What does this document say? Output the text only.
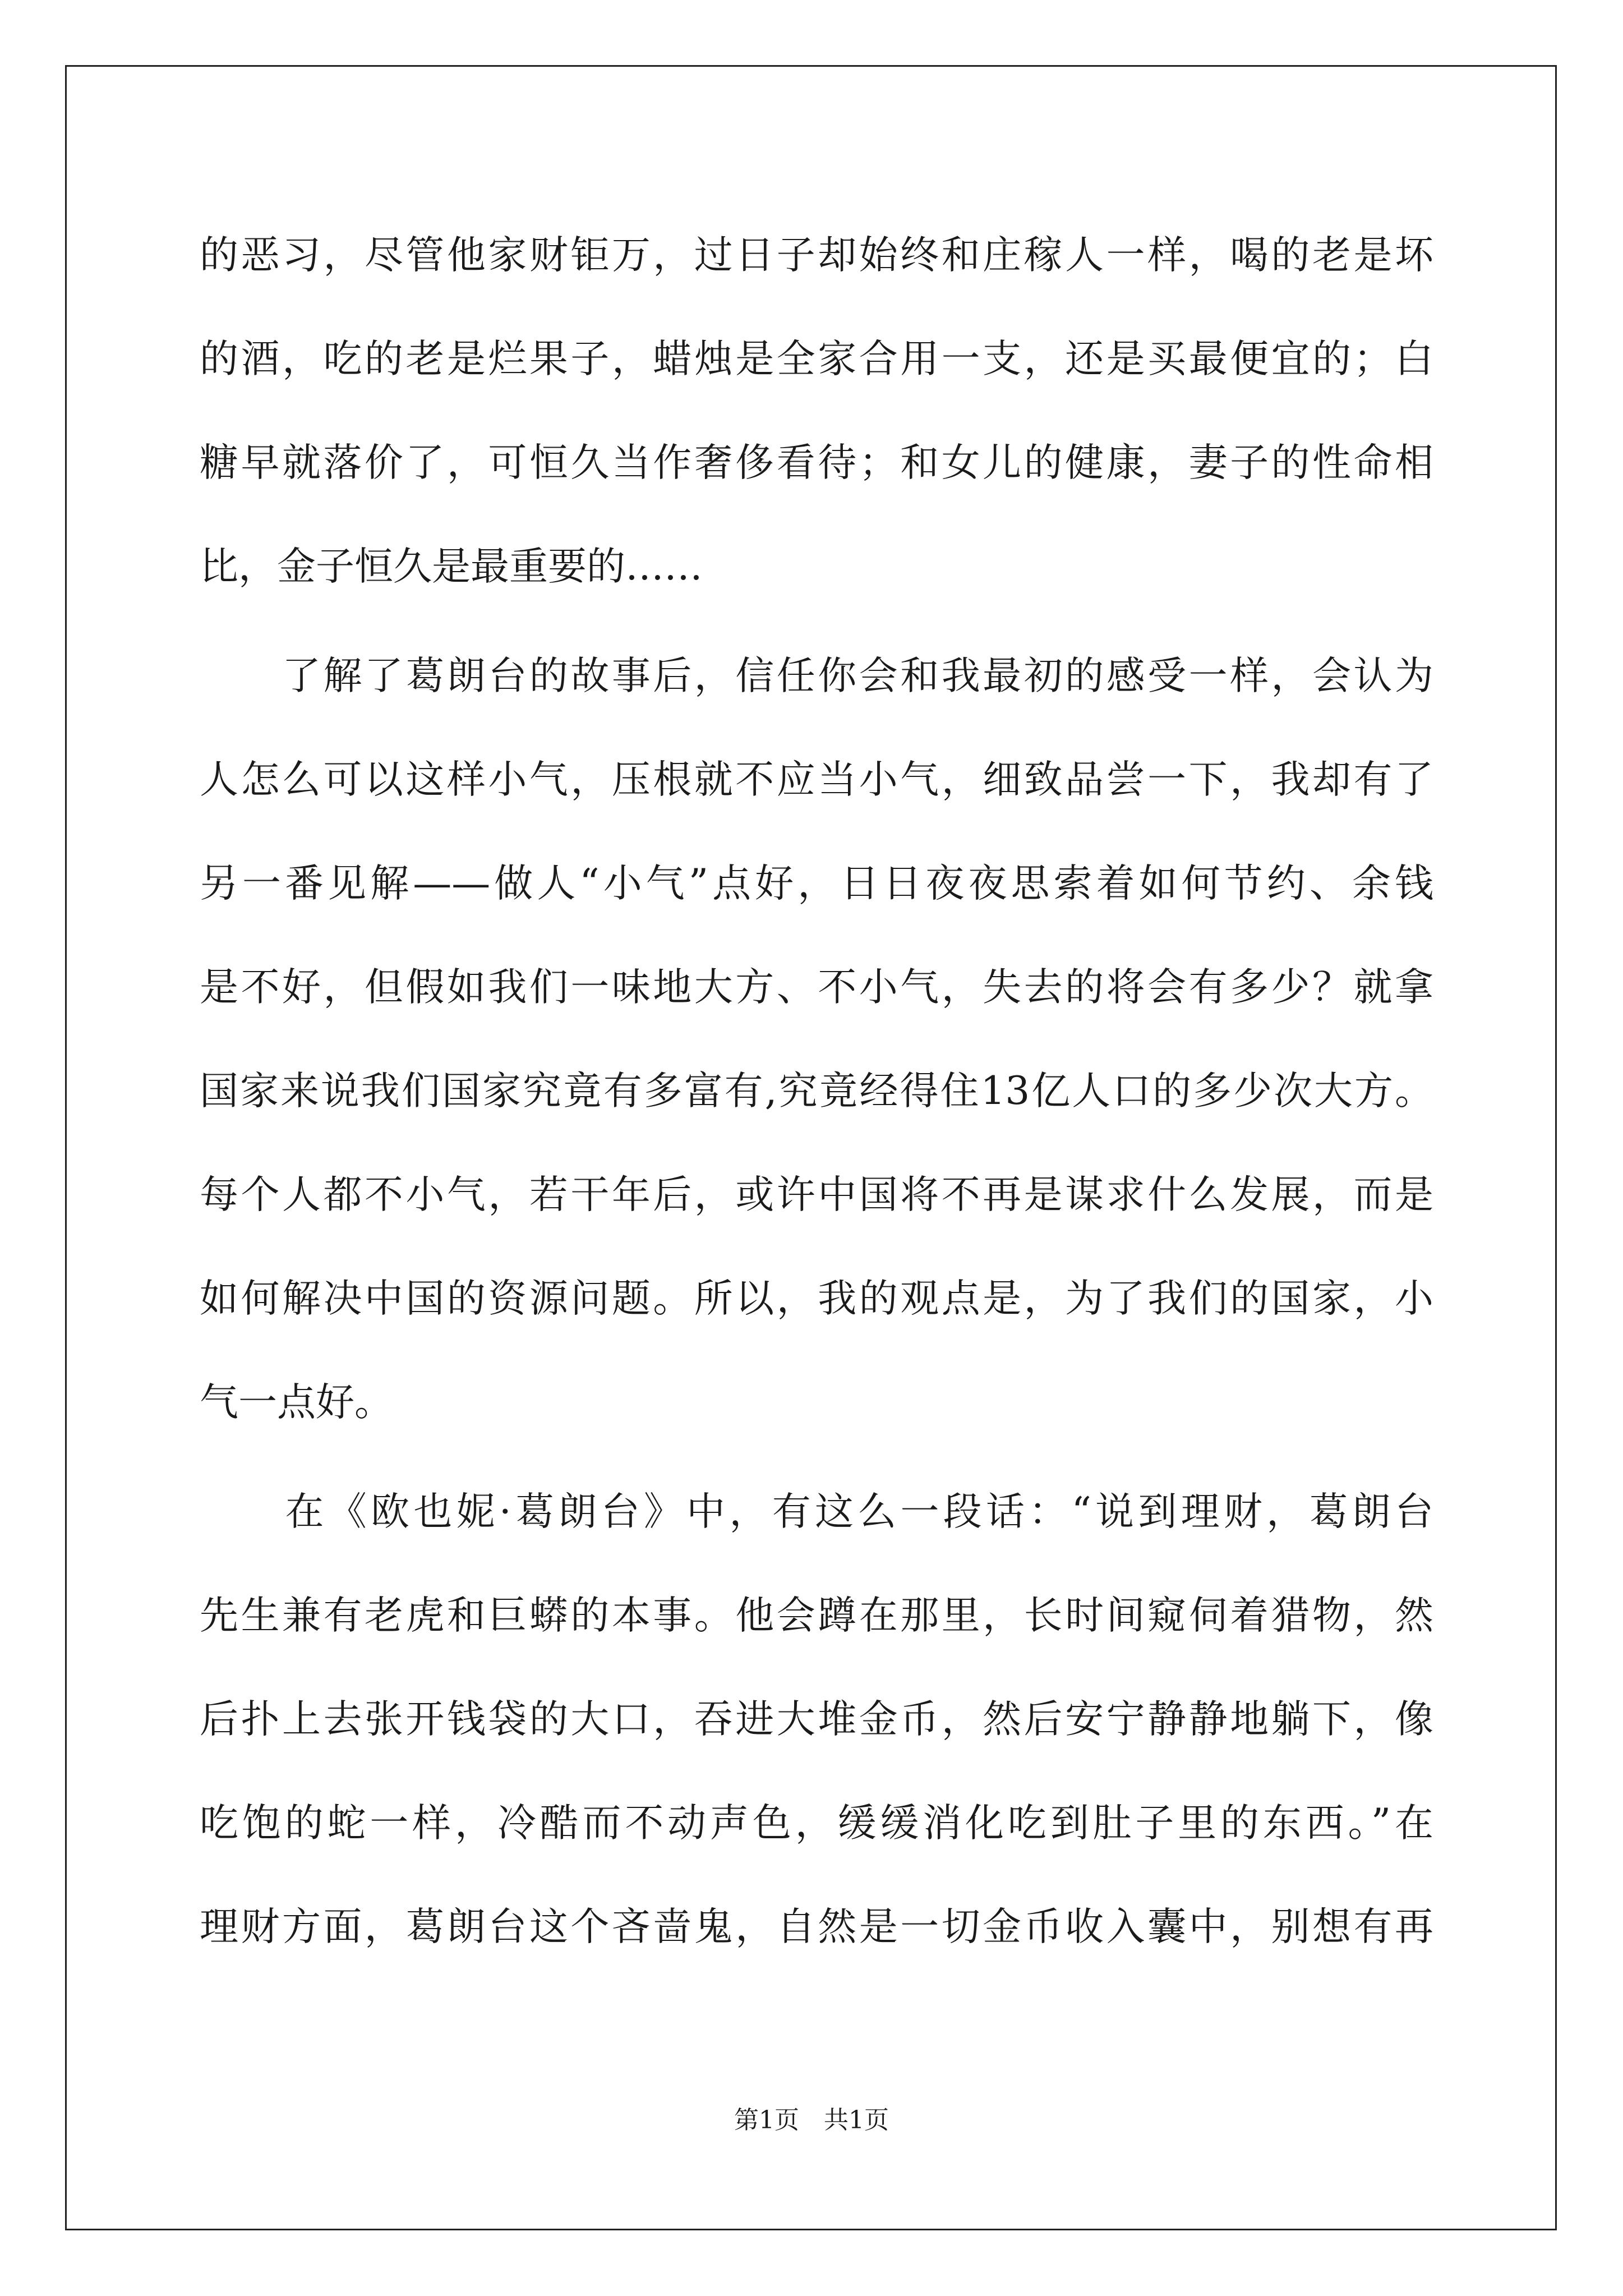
的恶习，尽管他家财钜万，过日子却始终和庄稼人一样，喝的老是坏
的酒，吃的老是烂果子，蜡烛是全家合用一支，还是买最便宜的；白
糖早就落价了，可恒久当作奢侈看待；和女儿的健康，妻子的性命相
比，金子恒久是最重要的……
　　了解了葛朗台的故事后，信任你会和我最初的感受一样，会认为
人怎么可以这样小气，压根就不应当小气，细致品尝一下，我却有了
另一番见解——做人“小气”点好，日日夜夜思索着如何节约、余钱
是不好，但假如我们一味地大方、不小气，失去的将会有多少？就拿
国家来说我们国家究竟有多富有,究竟经得住13亿人口的多少次大方。
每个人都不小气，若干年后，或许中国将不再是谋求什么发展，而是
如何解决中国的资源问题。所以，我的观点是，为了我们的国家，小
气一点好。
　　在《欧也妮·葛朗台》中，有这么一段话：“说到理财，葛朗台
先生兼有老虎和巨蟒的本事。他会蹲在那里，长时间窥伺着猎物，然
后扑上去张开钱袋的大口，吞进大堆金币，然后安宁静静地躺下，像
吃饱的蛇一样，冷酷而不动声色，缓缓消化吃到肚子里的东西。”在
理财方面，葛朗台这个吝啬鬼，自然是一切金币收入囊中，别想有再
第1页　共1页
